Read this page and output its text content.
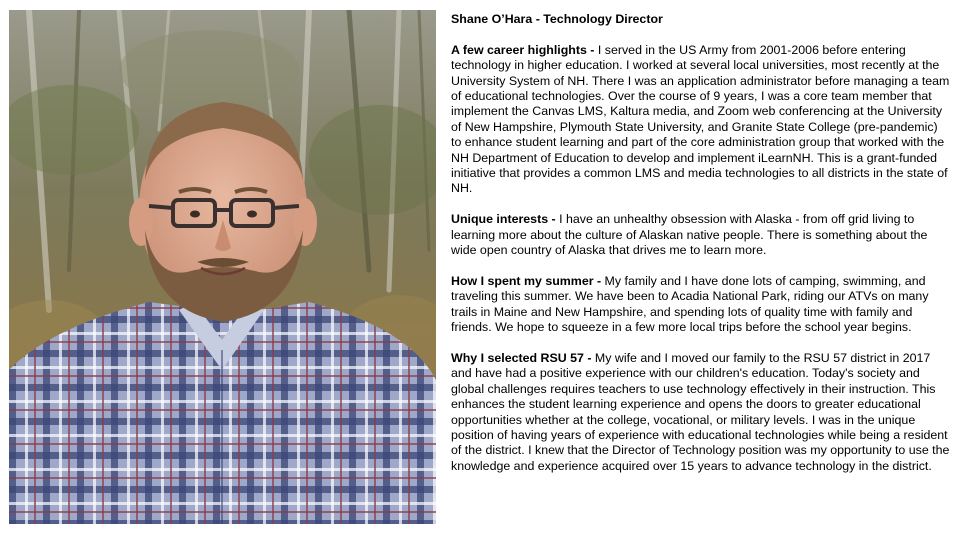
Shane O’Hara - Technology Director

A few career highlights - I served in the US Army from 2001-2006 before entering technology in higher education. I worked at several local universities, most recently at the University System of NH. There I was an application administrator before managing a team of educational technologies. Over the course of 9 years, I was a core team member that implement the Canvas LMS, Kaltura media, and Zoom web conferencing at the University of New Hampshire, Plymouth State University, and Granite State College (pre-pandemic) to enhance student learning and part of the core administration group that worked with the NH Department of Education to develop and implement iLearnNH. This is a grant-funded initiative that provides a common LMS and media technologies to all districts in the state of NH.

Unique interests - I have an unhealthy obsession with Alaska - from off grid living to learning more about the culture of Alaskan native people. There is something about the wide open country of Alaska that drives me to learn more.

How I spent my summer - My family and I have done lots of camping, swimming, and traveling this summer. We have been to Acadia National Park, riding our ATVs on many trails in Maine and New Hampshire, and spending lots of quality time with family and friends. We hope to squeeze in a few more local trips before the school year begins.

Why I selected RSU 57 - My wife and I moved our family to the RSU 57 district in 2017 and have had a positive experience with our children's education. Today's society and global challenges requires teachers to use technology effectively in their instruction. This enhances the student learning experience and opens the doors to greater educational opportunities whether at the college, vocational, or military levels. I was in the unique position of having years of experience with educational technologies while being a resident of the district. I knew that the Director of Technology position was my opportunity to use the knowledge and experience acquired over 15 years to advance technology in the district.
